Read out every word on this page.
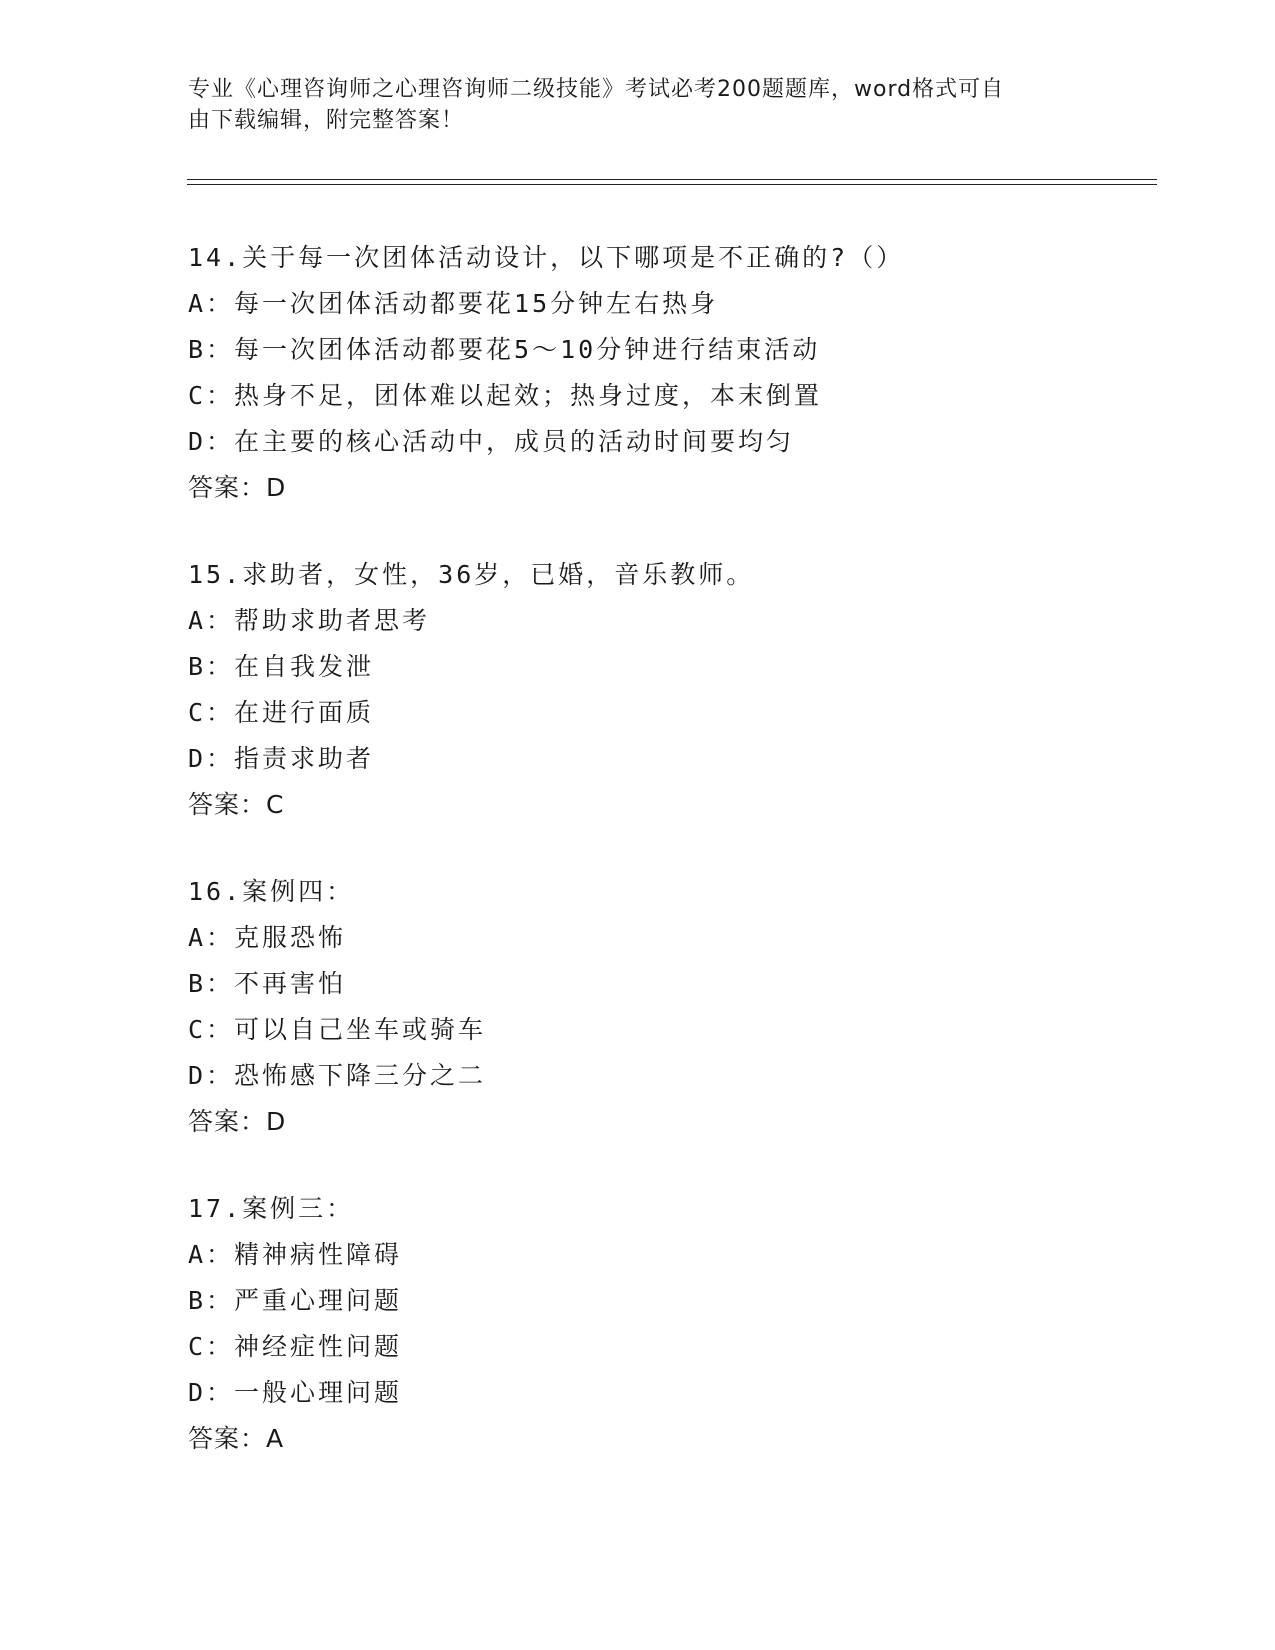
专业《心理咨询师之心理咨询师二级技能》考试必考200题题库，word格式可自

由下载编辑，附完整答案！

14.关于每一次团体活动设计，以下哪项是不正确的?（）
A：每一次团体活动都要花15分钟左右热身
B：每一次团体活动都要花5～10分钟进行结束活动
C：热身不足，团体难以起效；热身过度，本末倒置
D：在主要的核心活动中，成员的活动时间要均匀
答案：D
15.求助者，女性，36岁，已婚，音乐教师。
A：帮助求助者思考
B：在自我发泄
C：在进行面质
D：指责求助者
答案：C
16.案例四：
A：克服恐怖
B：不再害怕
C：可以自己坐车或骑车
D：恐怖感下降三分之二
答案：D
17.案例三：
A：精神病性障碍
B：严重心理问题
C：神经症性问题
D：一般心理问题
答案：A
